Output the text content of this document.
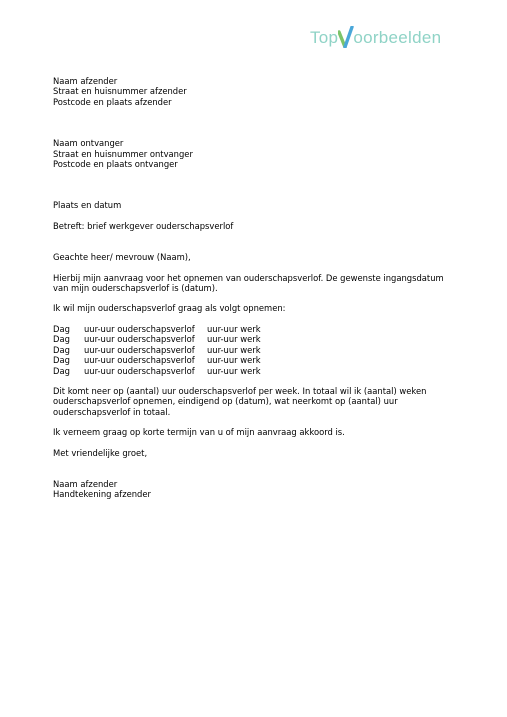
Top oorbeelden
Naam afzender
Straat en huisnummer afzender
Postcode en plaats afzender
Naam ontvanger
Straat en huisnummer ontvanger
Postcode en plaats ontvanger
Plaats en datum
Betreft: brief werkgever ouderschapsverlof
Geachte heer/ mevrouw (Naam),
Hierbij mijn aanvraag voor het opnemen van ouderschapsverlof. De gewenste ingangsdatum van mijn ouderschapsverlof is (datum).
Ik wil mijn ouderschapsverlof graag als volgt opnemen:
Dag	uur-uur ouderschapsverlof	uur-uur werk
Dag	uur-uur ouderschapsverlof	uur-uur werk
Dag	uur-uur ouderschapsverlof	uur-uur werk
Dag	uur-uur ouderschapsverlof	uur-uur werk
Dag	uur-uur ouderschapsverlof	uur-uur werk
Dit komt neer op (aantal) uur ouderschapsverlof per week. In totaal wil ik (aantal) weken ouderschapsverlof opnemen, eindigend op (datum), wat neerkomt op (aantal) uur ouderschapsverlof in totaal.
Ik verneem graag op korte termijn van u of mijn aanvraag akkoord is.
Met vriendelijke groet,
Naam afzender
Handtekening afzender
